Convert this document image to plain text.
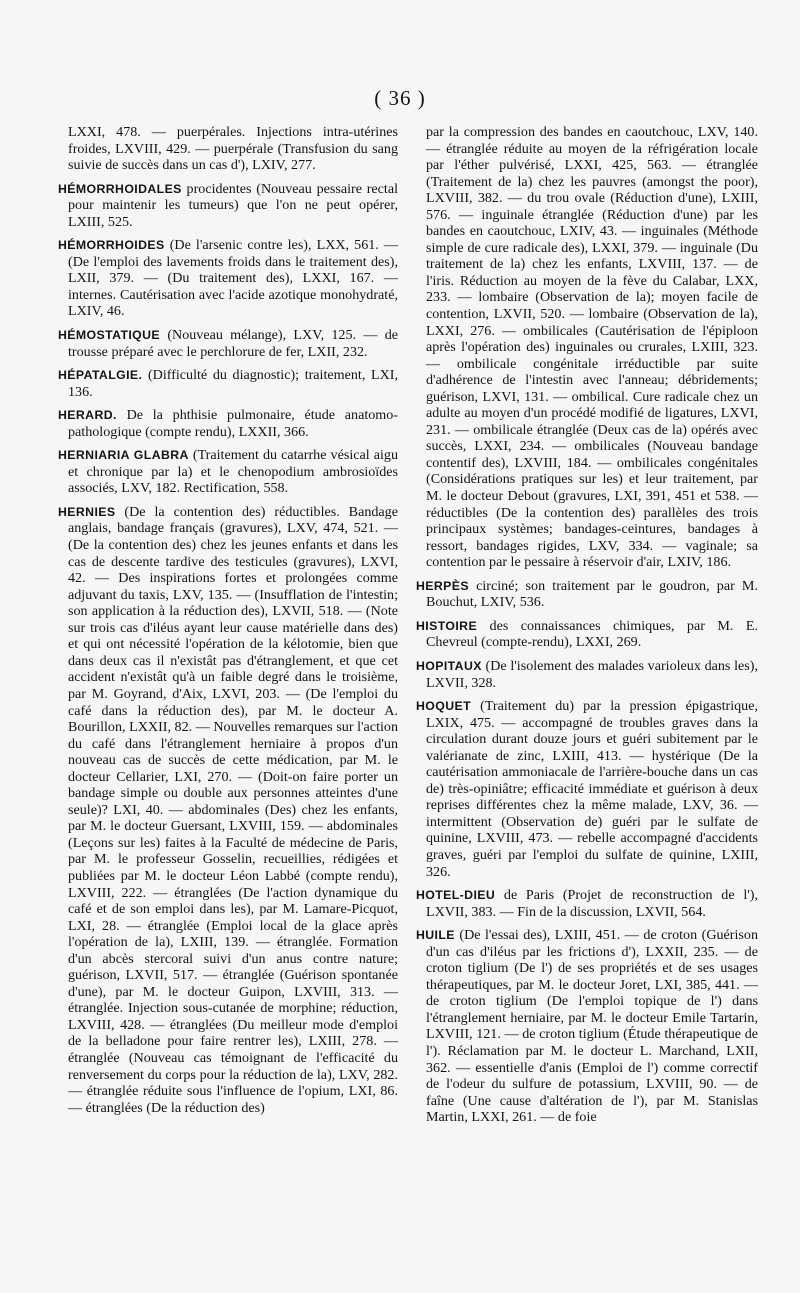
( 36 )

LXXI, 478. — puerpérales. Injections intra-utérines froides, LXVIII, 429. — puerpérale (Transfusion du sang suivie de succès dans un cas d'), LXIV, 277.

HÉMORRHOIDALES procidentes (Nouveau pessaire rectal pour maintenir les tumeurs) que l'on ne peut opérer, LXIII, 525.

HÉMORRHOIDES (De l'arsenic contre les), LXX, 561. — (De l'emploi des lavements froids dans le traitement des), LXII, 379. — (Du traitement des), LXXI, 167. — internes. Cautérisation avec l'acide azotique monohydraté, LXIV, 46.

HÉMOSTATIQUE (Nouveau mélange), LXV, 125. — de trousse préparé avec le perchlorure de fer, LXII, 232.

HÉPATALGIE. (Difficulté du diagnostic); traitement, LXI, 136.

HERARD. De la phthisie pulmonaire, étude anatomo-pathologique (compte rendu), LXXII, 366.

HERNIARIA GLABRA (Traitement du catarrhe vésical aigu et chronique par la) et le chenopodium ambrosioïdes associés, LXV, 182. Rectification, 558.

HERNIES (De la contention des) réductibles. Bandage anglais, bandage français (gravures), LXV, 474, 521. — (De la contention des) chez les jeunes enfants et dans les cas de descente tardive des testicules (gravures), LXVI, 42. — Des inspirations fortes et prolongées comme adjuvant du taxis, LXV, 135. — (Insufflation de l'intestin; son application à la réduction des), LXVII, 518. — (Note sur trois cas d'iléus ayant leur cause matérielle dans des) et qui ont nécessité l'opération de la kélotomie, bien que dans deux cas il n'existât pas d'étranglement, et que cet accident n'existât qu'à un faible degré dans le troisième, par M. Goyrand, d'Aix, LXVI, 203. — (De l'emploi du café dans la réduction des), par M. le docteur A. Bourillon, LXXII, 82. — Nouvelles remarques sur l'action du café dans l'étranglement herniaire à propos d'un nouveau cas de succès de cette médication, par M. le docteur Cellarier, LXI, 270. — (Doit-on faire porter un bandage simple ou double aux personnes atteintes d'une seule)? LXI, 40. — abdominales (Des) chez les enfants, par M. le docteur Guersant, LXVIII, 159. — abdominales (Leçons sur les) faites à la Faculté de médecine de Paris, par M. le professeur Gosselin, recueillies, rédigées et publiées par M. le docteur Léon Labbé (compte rendu), LXVIII, 222. — étranglées (De l'action dynamique du café et de son emploi dans les), par M. Lamare-Picquot, LXI, 28. — étranglée (Emploi local de la glace après l'opération de la), LXIII, 139. — étranglée. Formation d'un abcès stercoral suivi d'un anus contre nature; guérison, LXVII, 517. — étranglée (Guérison spontanée d'une), par M. le docteur Guipon, LXVIII, 313. — étranglée. Injection sous-cutanée de morphine; réduction, LXVIII, 428. — étranglées (Du meilleur mode d'emploi de la belladone pour faire rentrer les), LXIII, 278. — étranglée (Nouveau cas témoignant de l'efficacité du renversement du corps pour la réduction de la), LXV, 282. — étranglée réduite sous l'influence de l'opium, LXI, 86. — étranglées (De la réduction des)

par la compression des bandes en caoutchouc, LXV, 140. — étranglée réduite au moyen de la réfrigération locale par l'éther pulvérisé, LXXI, 425, 563. — étranglée (Traitement de la) chez les pauvres (amongst the poor), LXVIII, 382. — du trou ovale (Réduction d'une), LXIII, 576. — inguinale étranglée (Réduction d'une) par les bandes en caoutchouc, LXIV, 43. — inguinales (Méthode simple de cure radicale des), LXXI, 379. — inguinale (Du traitement de la) chez les enfants, LXVIII, 137. — de l'iris. Réduction au moyen de la fève du Calabar, LXX, 233. — lombaire (Observation de la); moyen facile de contention, LXVII, 520. — lombaire (Observation de la), LXXI, 276. — ombilicales (Cautérisation de l'épiploon après l'opération des) inguinales ou crurales, LXIII, 323. — ombilicale congénitale irréductible par suite d'adhérence de l'intestin avec l'anneau; débridements; guérison, LXVI, 131. — ombilical. Cure radicale chez un adulte au moyen d'un procédé modifié de ligatures, LXVI, 231. — ombilicale étranglée (Deux cas de la) opérés avec succès, LXXI, 234. — ombilicales (Nouveau bandage contentif des), LXVIII, 184. — ombilicales congénitales (Considérations pratiques sur les) et leur traitement, par M. le docteur Debout (gravures, LXI, 391, 451 et 538. — réductibles (De la contention des) parallèles des trois principaux systèmes; bandages-ceintures, bandages à ressort, bandages rigides, LXV, 334. — vaginale; sa contention par le pessaire à réservoir d'air, LXIV, 186.

HERPÈS circiné; son traitement par le goudron, par M. Bouchut, LXIV, 536.

HISTOIRE des connaissances chimiques, par M. E. Chevreul (compte-rendu), LXXI, 269.

HOPITAUX (De l'isolement des malades varioleux dans les), LXVII, 328.

HOQUET (Traitement du) par la pression épigastrique, LXIX, 475. — accompagné de troubles graves dans la circulation durant douze jours et guéri subitement par le valérianate de zinc, LXIII, 413. — hystérique (De la cautérisation ammoniacale de l'arrière-bouche dans un cas de) très-opiniâtre; efficacité immédiate et guérison à deux reprises différentes chez la même malade, LXV, 36. — intermittent (Observation de) guéri par le sulfate de quinine, LXVIII, 473. — rebelle accompagné d'accidents graves, guéri par l'emploi du sulfate de quinine, LXIII, 326.

HOTEL-DIEU de Paris (Projet de reconstruction de l'), LXVII, 383. — Fin de la discussion, LXVII, 564.

HUILE (De l'essai des), LXIII, 451. — de croton (Guérison d'un cas d'iléus par les frictions d'), LXXII, 235. — de croton tiglium (De l') de ses propriétés et de ses usages thérapeutiques, par M. le docteur Joret, LXI, 385, 441. — de croton tiglium (De l'emploi topique de l') dans l'étranglement herniaire, par M. le docteur Emile Tartarin, LXVIII, 121. — de croton tiglium (Étude thérapeutique de l'). Réclamation par M. le docteur L. Marchand, LXII, 362. — essentielle d'anis (Emploi de l') comme correctif de l'odeur du sulfure de potassium, LXVIII, 90. — de faîne (Une cause d'altération de l'), par M. Stanislas Martin, LXXI, 261. — de foie
